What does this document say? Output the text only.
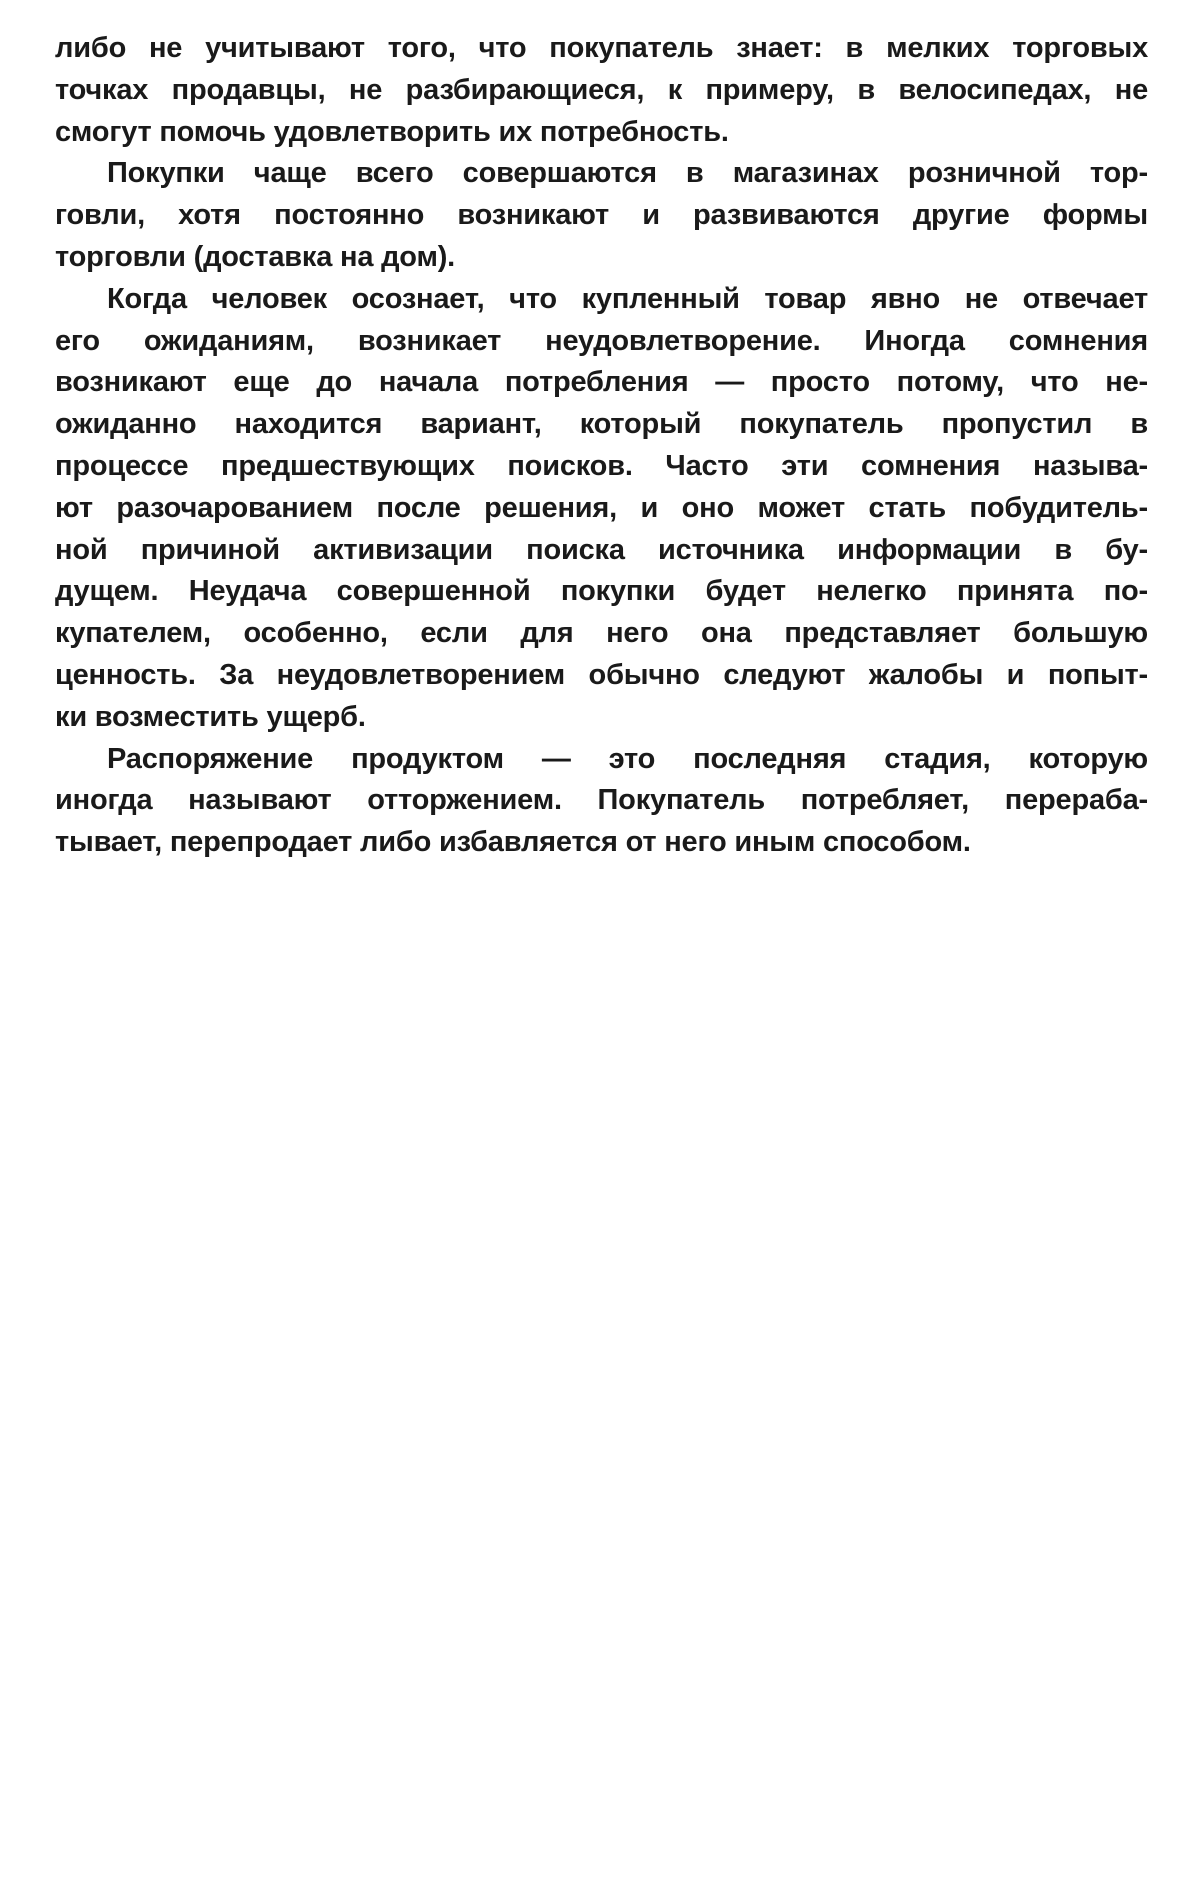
либо не учитывают того, что покупатель знает: в мелких торговых
точках продавцы, не разбирающиеся, к примеру, в велосипедах, не
смогут помочь удовлетворить их потребность.
Покупки чаще всего совершаются в магазинах розничной тор-
говли, хотя постоянно возникают и развиваются другие формы
торговли (доставка на дом).
Когда человек осознает, что купленный товар явно не отвечает
его ожиданиям, возникает неудовлетворение. Иногда сомнения
возникают еще до начала потребления — просто потому, что не-
ожиданно находится вариант, который покупатель пропустил в
процессе предшествующих поисков. Часто эти сомнения называ-
ют разочарованием после решения, и оно может стать побудитель-
ной причиной активизации поиска источника информации в бу-
дущем. Неудача совершенной покупки будет нелегко принята по-
купателем, особенно, если для него она представляет большую
ценность. За неудовлетворением обычно следуют жалобы и попыт-
ки возместить ущерб.
Распоряжение продуктом — это последняя стадия, которую
иногда называют отторжением. Покупатель потребляет, перераба-
тывает, перепродает либо избавляется от него иным способом.
